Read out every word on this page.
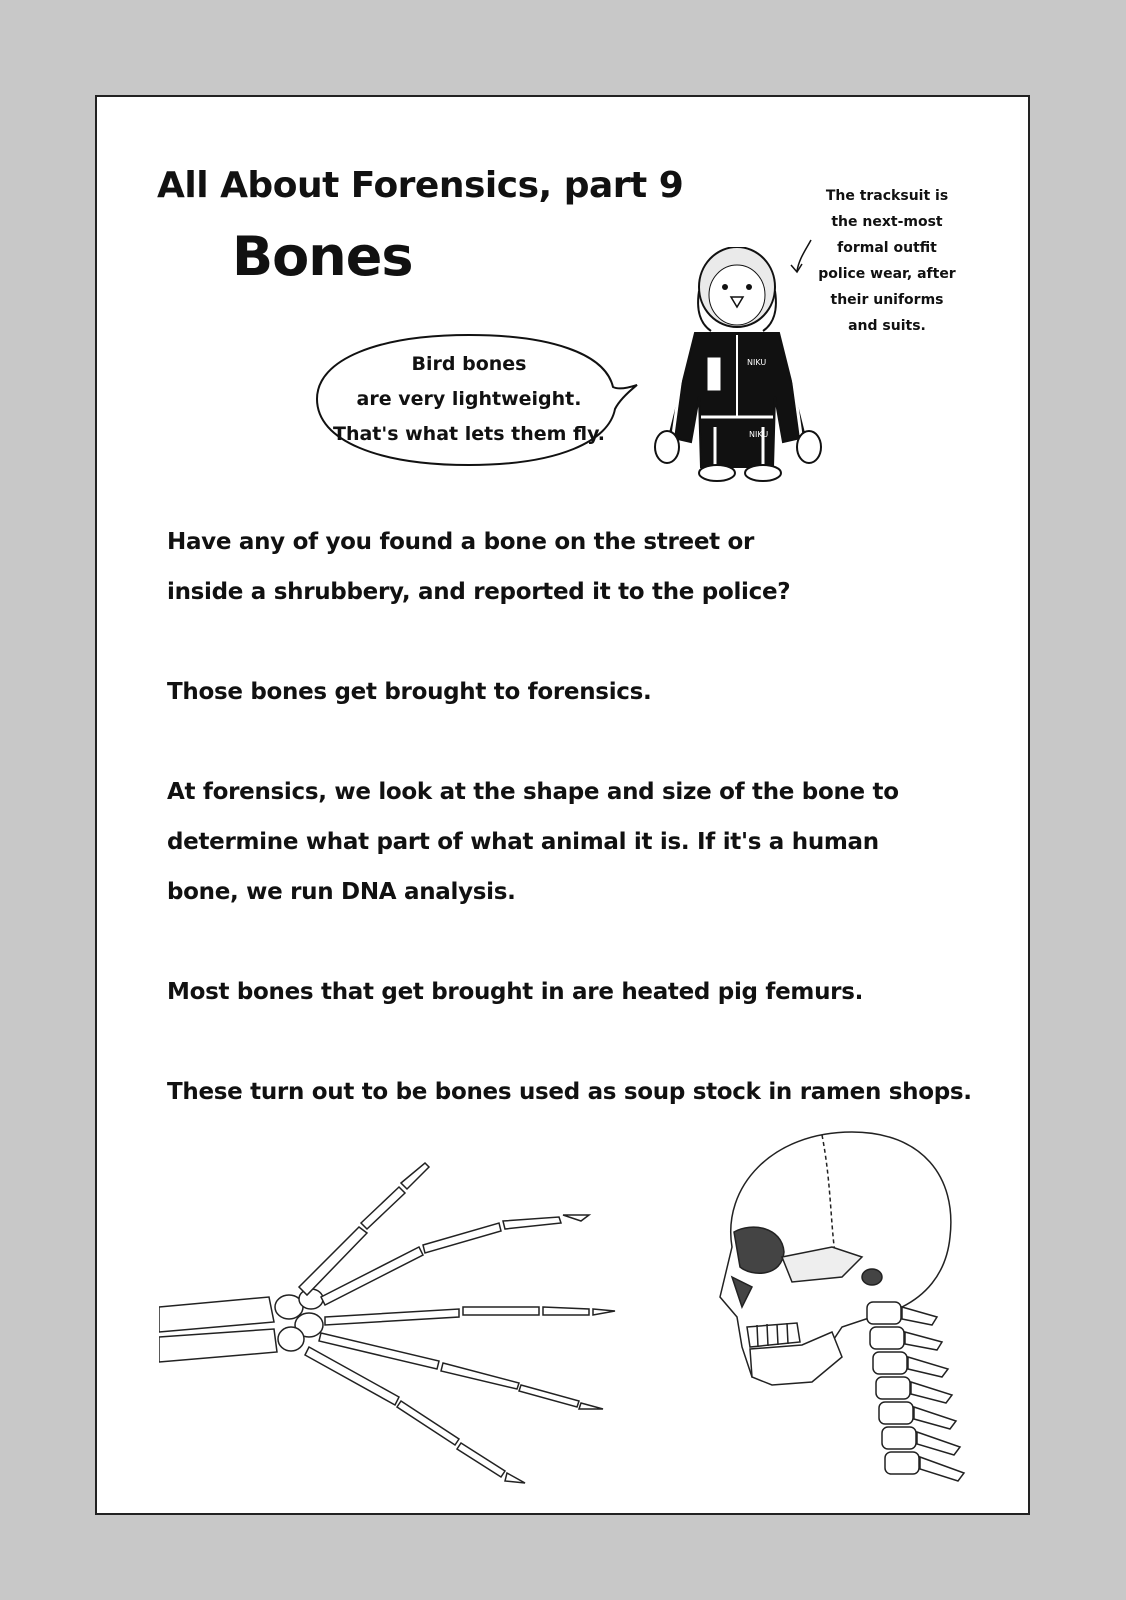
All About Forensics, part 9
Bones

The tracksuit is

the next-most

formal outfit

police wear, after

their uniforms

and suits.

Bird bones

are very lightweight.

That's what lets them fly.

NIKU
NIKU

Have any of you found a bone on the street or

inside a shrubbery, and reported it to the police?

Those bones get brought to forensics.

At forensics, we look at the shape and size of the bone to

determine what part of what animal it is. If it's a human

bone, we run DNA analysis.

Most bones that get brought in are heated pig femurs.

These turn out to be bones used as soup stock in ramen shops.
